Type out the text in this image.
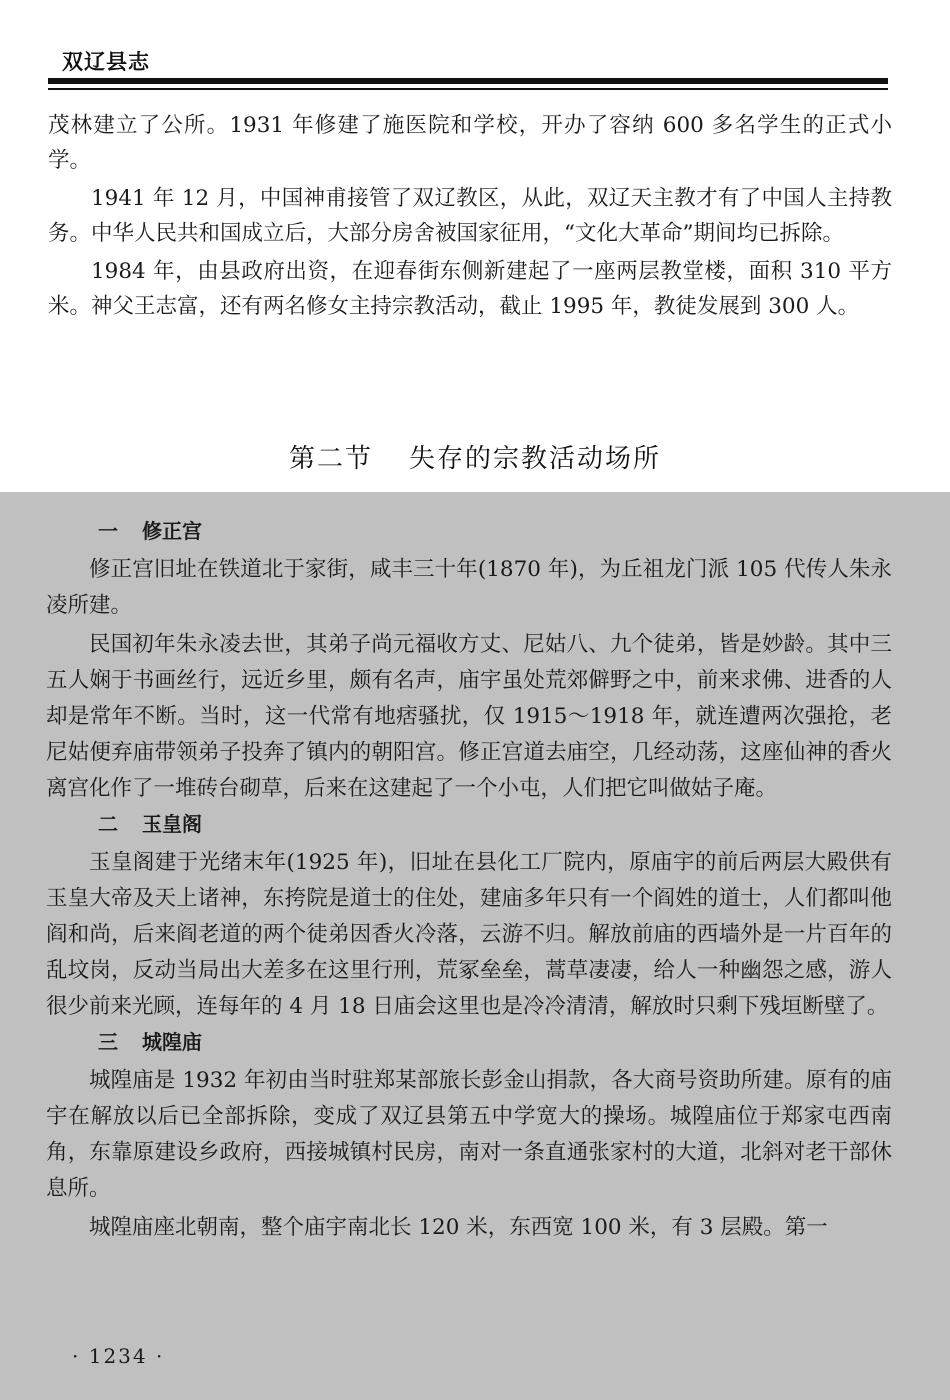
双辽县志

茂林建立了公所。1931 年修建了施医院和学校，开办了容纳 600 多名学生的正式小学。

1941 年 12 月，中国神甫接管了双辽教区，从此，双辽天主教才有了中国人主持教务。中华人民共和国成立后，大部分房舍被国家征用，“文化大革命”期间均已拆除。

1984 年，由县政府出资，在迎春街东侧新建起了一座两层教堂楼，面积 310 平方米。神父王志富，还有两名修女主持宗教活动，截止 1995 年，教徒发展到 300 人。

第二节 失存的宗教活动场所
一 修正宫

修正宫旧址在铁道北于家街，咸丰三十年(1870 年)，为丘祖龙门派 105 代传人朱永凌所建。

民国初年朱永凌去世，其弟子尚元福收方丈、尼姑八、九个徒弟，皆是妙龄。其中三五人娴于书画丝行，远近乡里，颇有名声，庙宇虽处荒郊僻野之中，前来求佛、进香的人却是常年不断。当时，这一代常有地痞骚扰，仅 1915～1918 年，就连遭两次强抢，老尼姑便弃庙带领弟子投奔了镇内的朝阳宫。修正宫道去庙空，几经动荡，这座仙神的香火离宫化作了一堆砖台砌草，后来在这建起了一个小屯，人们把它叫做姑子庵。

二 玉皇阁

玉皇阁建于光绪末年(1925 年)，旧址在县化工厂院内，原庙宇的前后两层大殿供有玉皇大帝及天上诸神，东挎院是道士的住处，建庙多年只有一个阎姓的道士，人们都叫他阎和尚，后来阎老道的两个徒弟因香火冷落，云游不归。解放前庙的西墙外是一片百年的乱坟岗，反动当局出大差多在这里行刑，荒冢垒垒，蒿草凄凄，给人一种幽怨之感，游人很少前来光顾，连每年的 4 月 18 日庙会这里也是冷冷清清，解放时只剩下残垣断壁了。

三 城隍庙

城隍庙是 1932 年初由当时驻郑某部旅长彭金山捐款，各大商号资助所建。原有的庙宇在解放以后已全部拆除，变成了双辽县第五中学宽大的操场。城隍庙位于郑家屯西南角，东靠原建设乡政府，西接城镇村民房，南对一条直通张家村的大道，北斜对老干部休息所。

城隍庙座北朝南，整个庙宇南北长 120 米，东西宽 100 米，有 3 层殿。第一

· 1234 ·
